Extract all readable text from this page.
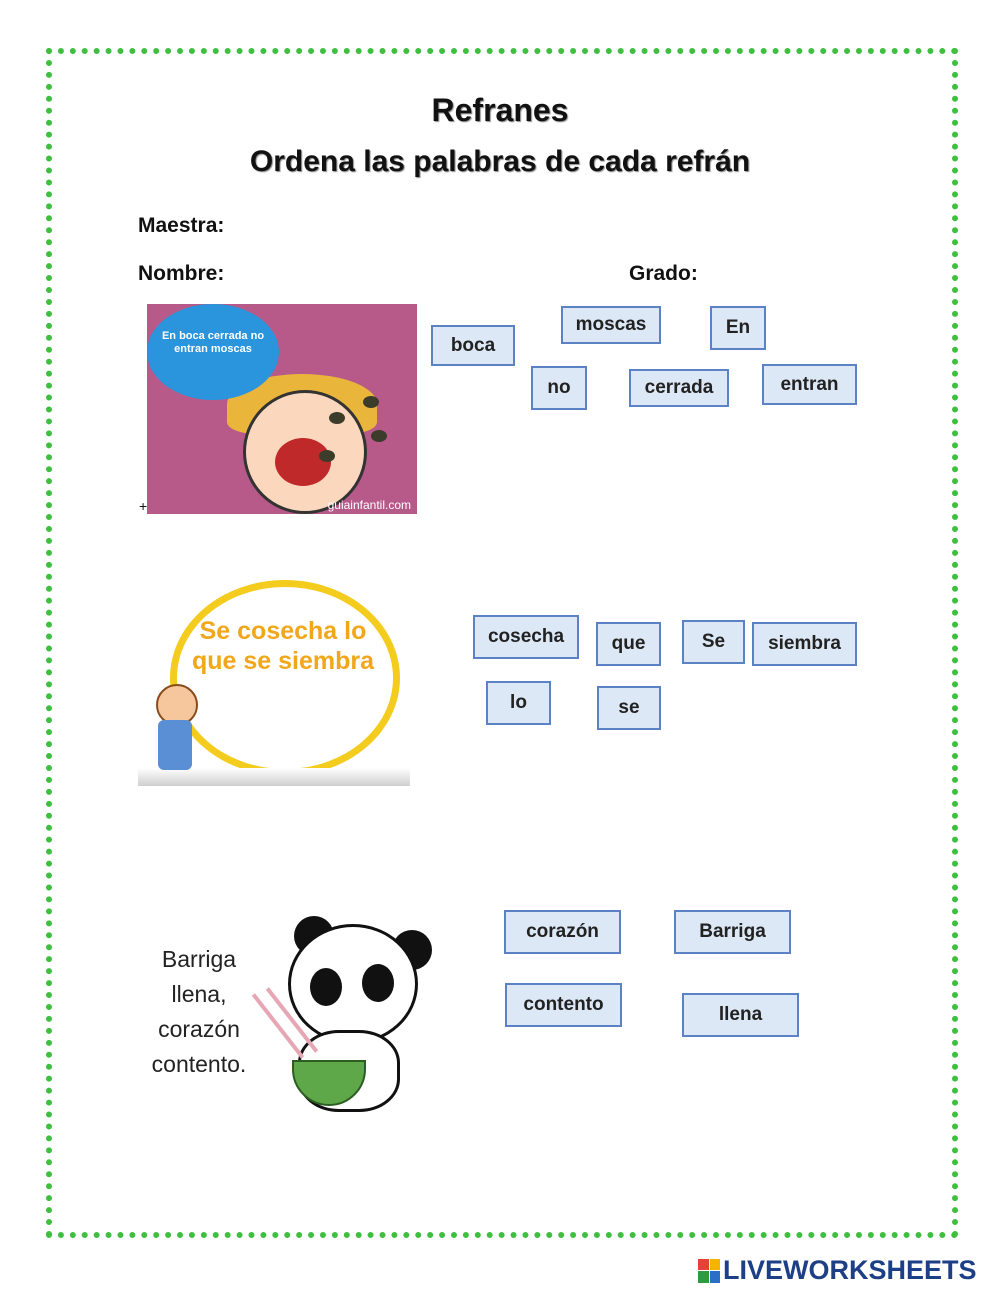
Refranes
Ordena las palabras de cada refrán
Maestra:
Nombre:	Grado:
En boca cerrada no entran moscas
guiainfantil.com
+
boca
moscas	En
no	cerrada	entran
Se cosecha lo que se siembra
cosecha	que	Se	siembra
lo	se
Barriga llena, corazón contento.
corazón	Barriga
contento	llena
LIVEWORKSHEETS
